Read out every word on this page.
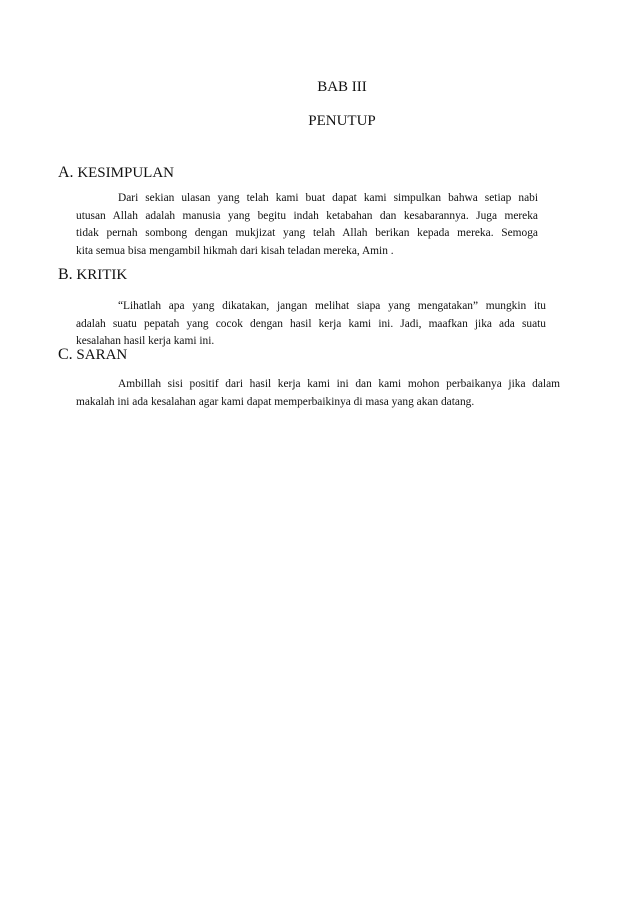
BAB III
PENUTUP
A. KESIMPULAN

Dari sekian ulasan yang telah kami buat dapat kami simpulkan bahwa setiap nabi
utusan Allah adalah manusia yang begitu indah ketabahan dan kesabarannya. Juga mereka
tidak pernah sombong dengan mukjizat yang telah Allah berikan kepada mereka. Semoga
kita semua bisa mengambil hikmah dari kisah teladan mereka, Amin .

B. KRITIK

“Lihatlah apa yang dikatakan, jangan melihat siapa yang mengatakan” mungkin itu
adalah suatu pepatah yang cocok dengan hasil kerja kami ini. Jadi, maafkan jika ada suatu
kesalahan hasil kerja kami ini.

C. SARAN

Ambillah sisi positif dari hasil kerja kami ini dan kami mohon perbaikanya jika dalam
makalah ini ada kesalahan agar kami dapat memperbaikinya di masa yang akan datang.
